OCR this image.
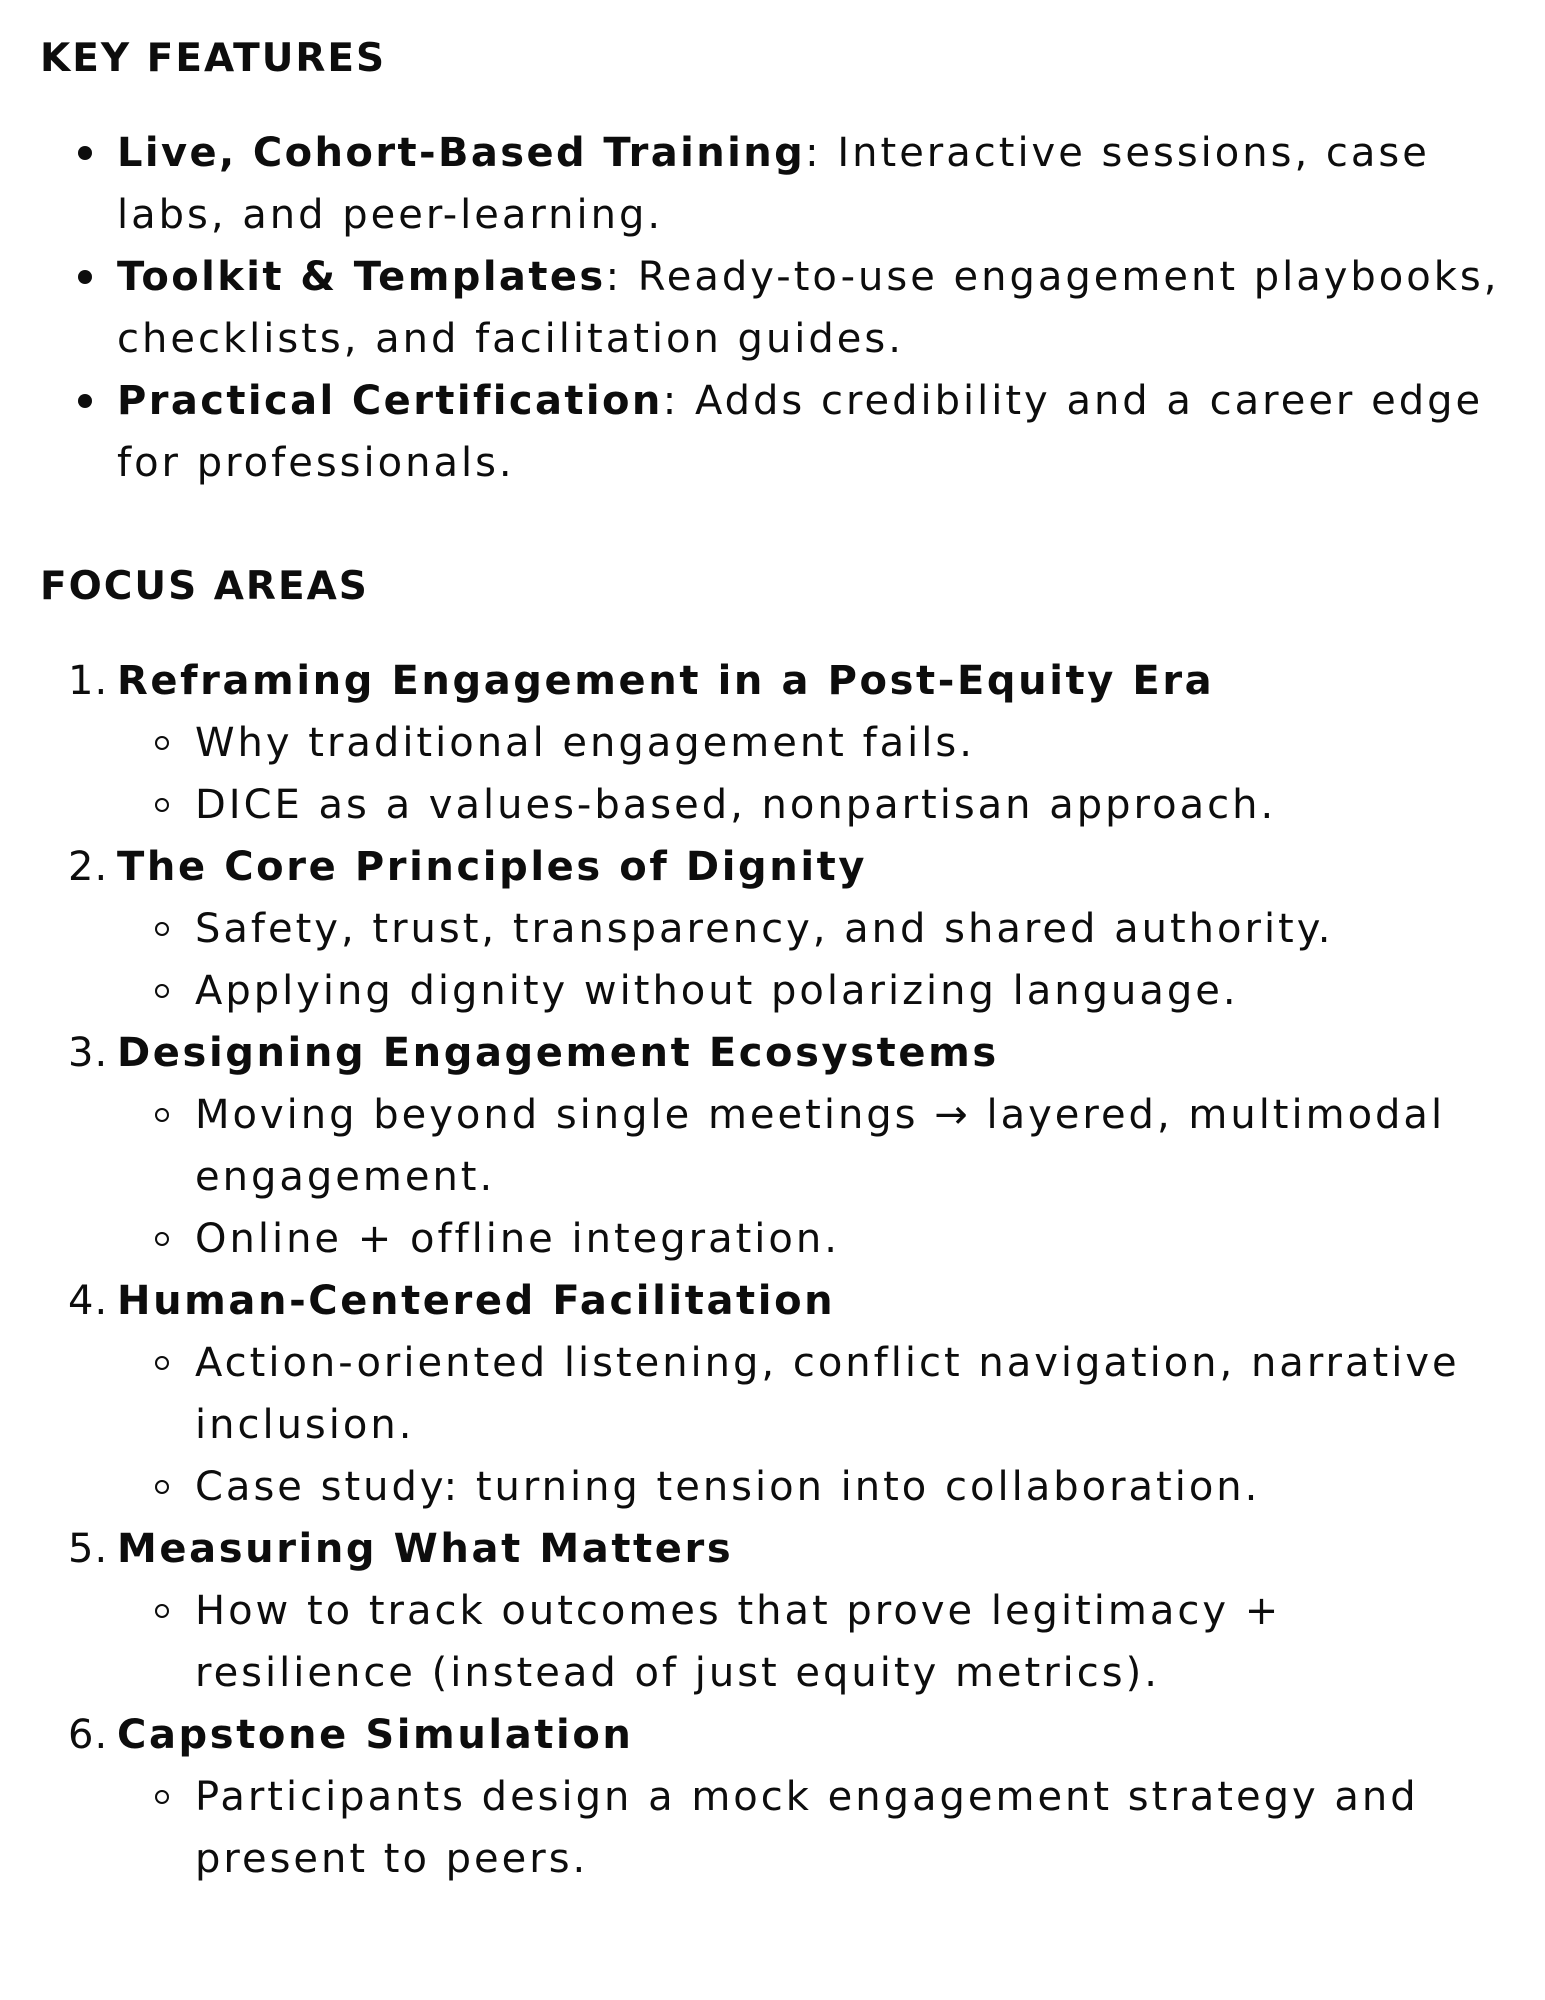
KEY FEATURES
Live, Cohort-Based Training: Interactive sessions, case labs, and peer-learning.
Toolkit & Templates: Ready-to-use engagement playbooks, checklists, and facilitation guides.
Practical Certification: Adds credibility and a career edge for professionals.
FOCUS AREAS
1. Reframing Engagement in a Post-Equity Era
Why traditional engagement fails.
DICE as a values-based, nonpartisan approach.
2. The Core Principles of Dignity
Safety, trust, transparency, and shared authority.
Applying dignity without polarizing language.
3. Designing Engagement Ecosystems
Moving beyond single meetings → layered, multimodal engagement.
Online + offline integration.
4. Human-Centered Facilitation
Action-oriented listening, conflict navigation, narrative inclusion.
Case study: turning tension into collaboration.
5. Measuring What Matters
How to track outcomes that prove legitimacy + resilience (instead of just equity metrics).
6. Capstone Simulation
Participants design a mock engagement strategy and present to peers.
